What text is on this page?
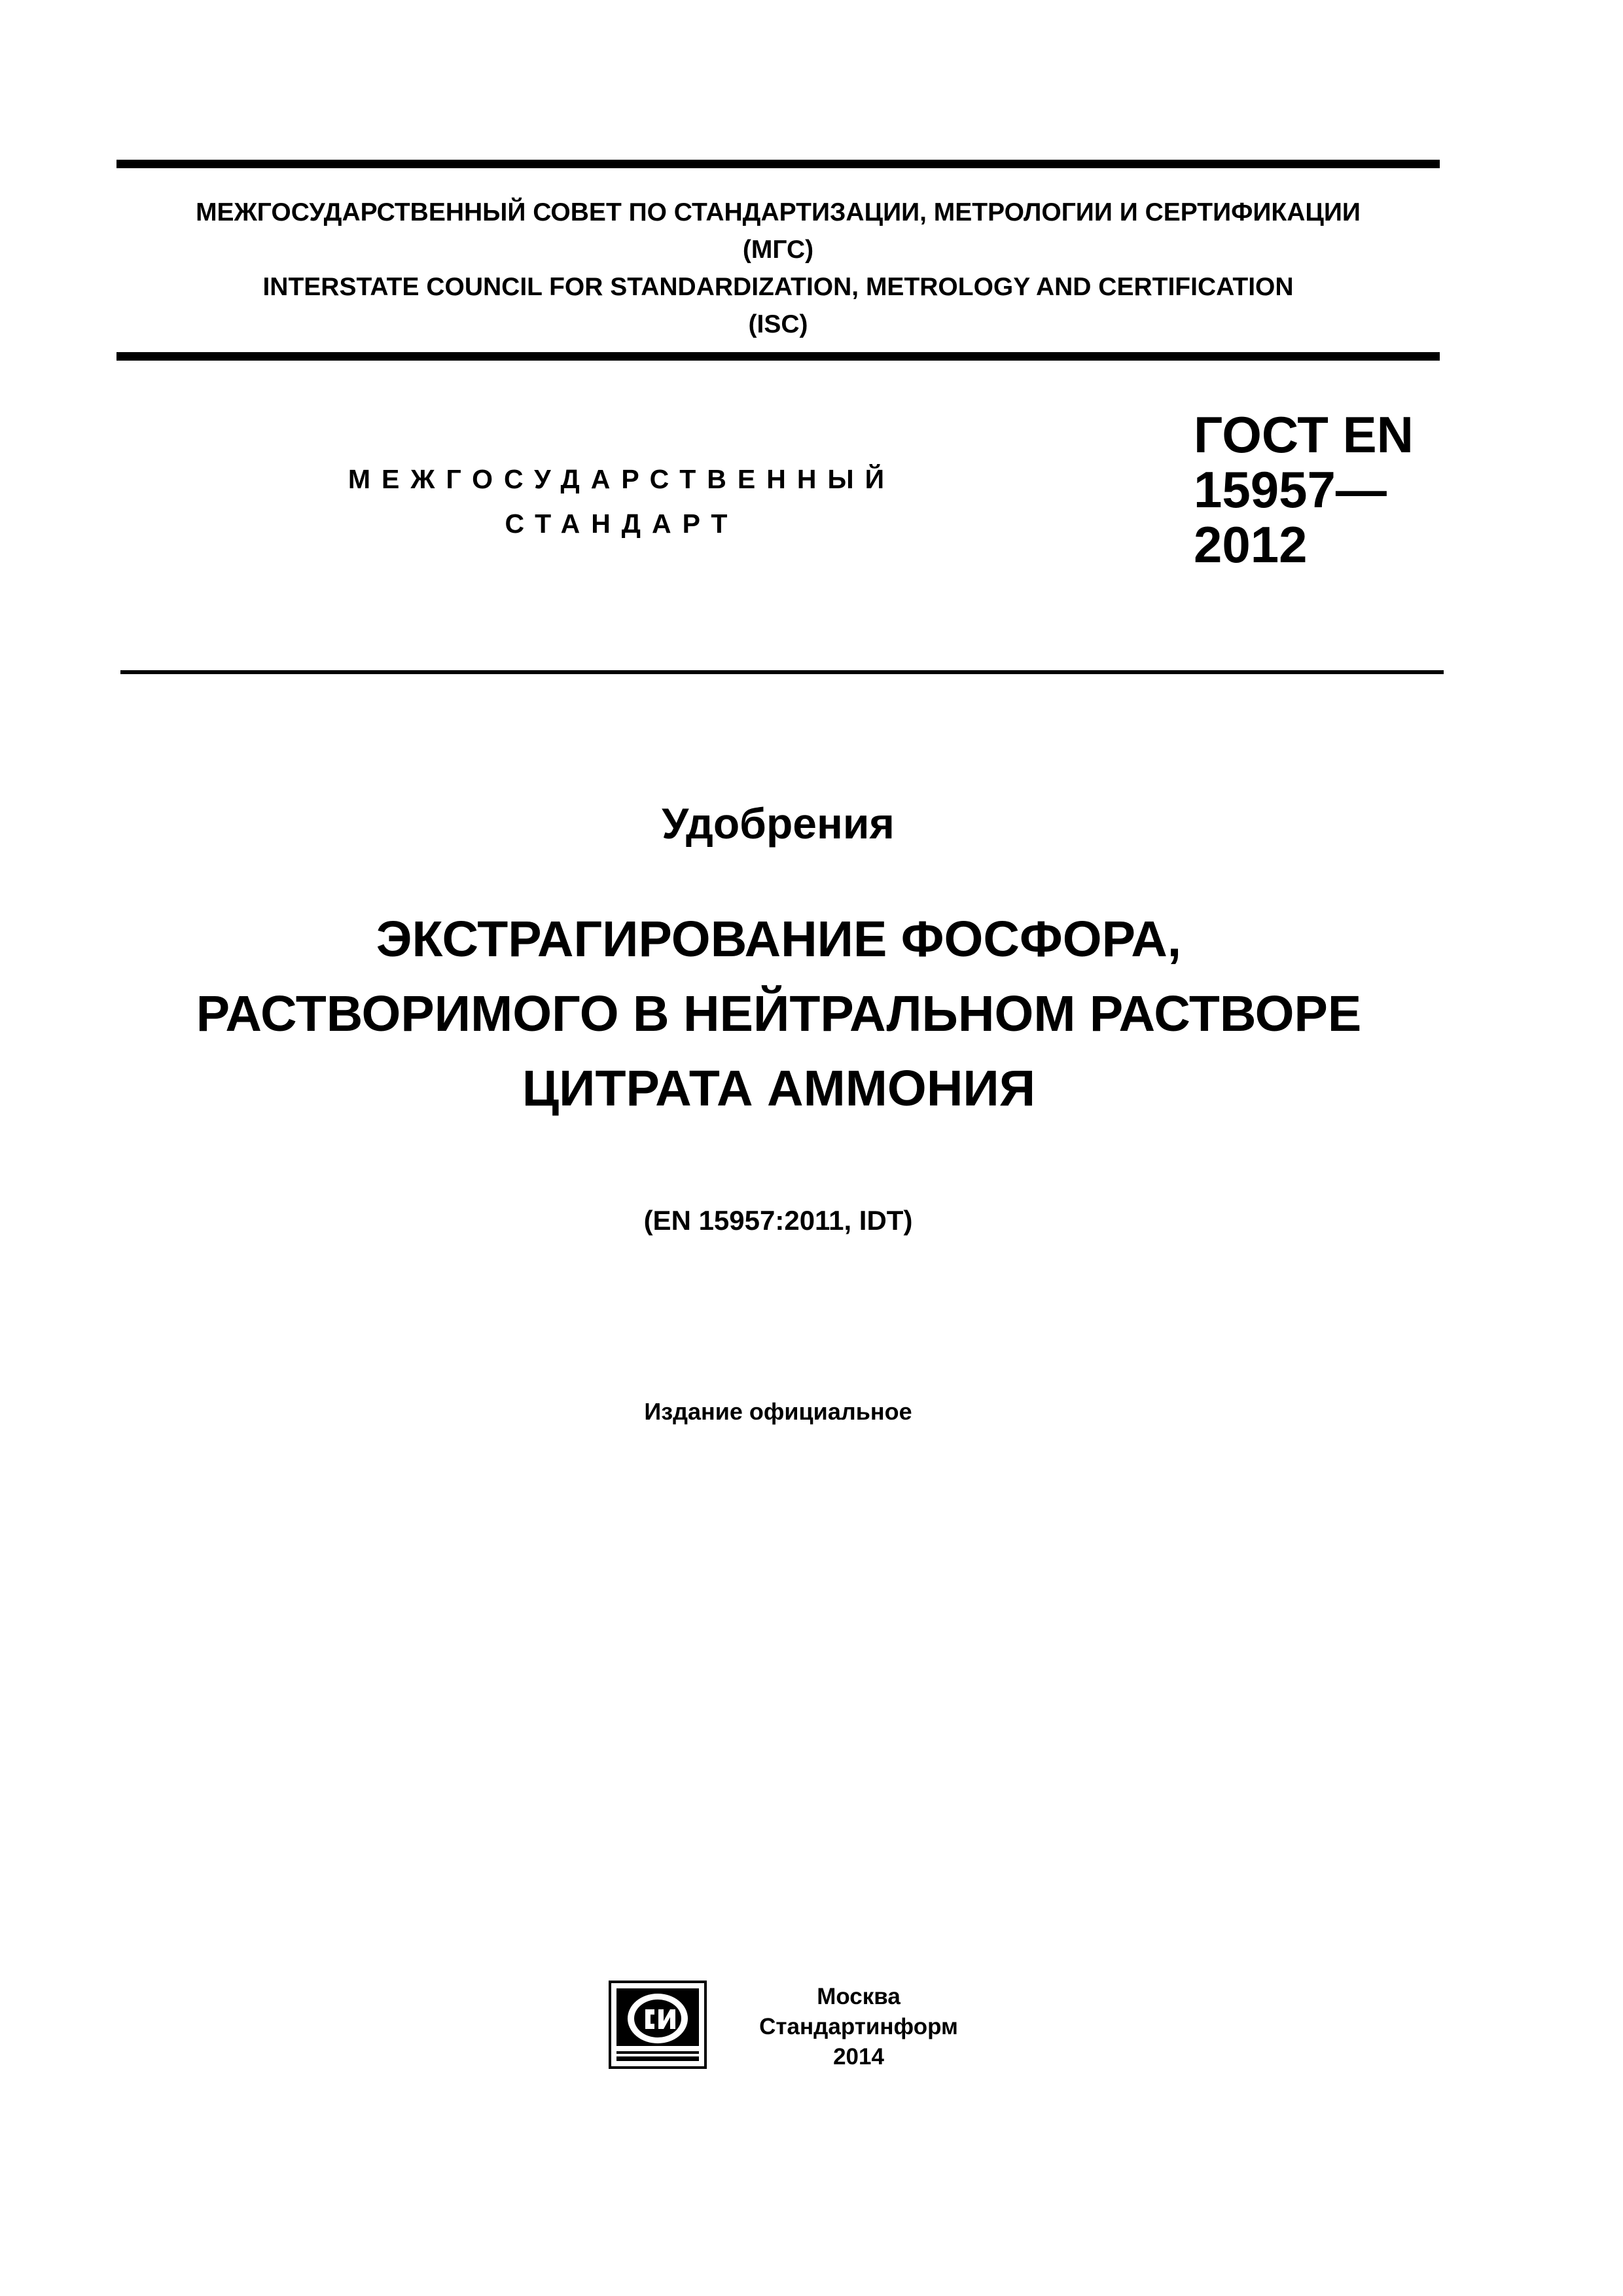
МЕЖГОСУДАРСТВЕННЫЙ СОВЕТ ПО СТАНДАРТИЗАЦИИ, МЕТРОЛОГИИ И СЕРТИФИКАЦИИ
(МГС)
INTERSTATE COUNCIL FOR STANDARDIZATION, METROLOGY AND CERTIFICATION
(ISC)
МЕЖГОСУДАРСТВЕННЫЙ
СТАНДАРТ
ГОСТ EN
15957—
2012
Удобрения
ЭКСТРАГИРОВАНИЕ ФОСФОРА,
РАСТВОРИМОГО В НЕЙТРАЛЬНОМ РАСТВОРЕ
ЦИТРАТА АММОНИЯ
(EN 15957:2011, IDT)
Издание официальное
Москва
Стандартинформ
2014
